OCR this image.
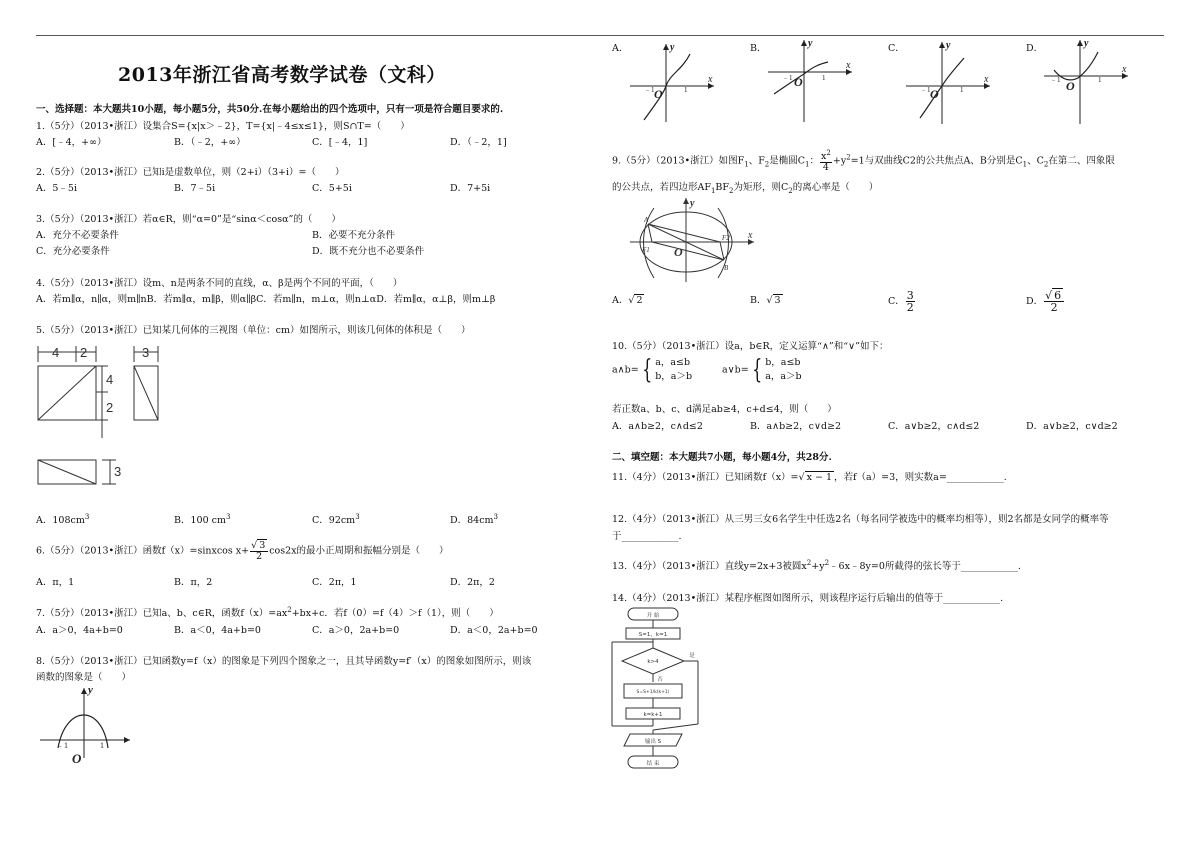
2013年浙江省高考数学试卷（文科）
一、选择题：本大题共10小题，每小题5分，共50分.在每小题给出的四个选项中，只有一项是符合题目要求的.
1.（5分）（2013•浙江）设集合S={x|x＞﹣2}，T={x|﹣4≤x≤1}，则S∩T=（　　）
A．[﹣4，+∞）	B．（﹣2，+∞）	C．[﹣4，1]	D．（﹣2，1]
2.（5分）（2013•浙江）已知i是虚数单位，则（2+i）（3+i）=（　　）
A．5﹣5i	B．7﹣5i	C．5+5i	D．7+5i
3.（5分）（2013•浙江）若α∈R，则“α=0”是“sinα＜cosα”的（　　）
A．充分不必要条件	B．必要不充分条件
C．充分必要条件	D．既不充分也不必要条件
4.（5分）（2013•浙江）设m、n是两条不同的直线，α、β是两个不同的平面，（　　）
A．若m∥α，n∥α，则m∥nB．若m∥α，m∥β，则α∥βC．若m∥n，m⊥α，则n⊥αD．若m∥α，α⊥β，则m⊥β
5.（5分）（2013•浙江）已知某几何体的三视图（单位：cm）如图所示，则该几何体的体积是（　　）
4 2	3
4
2
3
A．$108cm^3$	B．100 $cm^3$	C．$92cm^3$	D．$84cm^3$
6.（5分）（2013•浙江）函数f（x）=sinxcos $x+ \frac{√ 3}{2} \cos 2x$的最小正周期和振幅分别是（　　）
A．π，1	B．π，2	C．2π，1	D．2π，2
7.（5分）（2013•浙江）已知a、b、c∈R，函数$f(x)=ax^2+bx+c$．若f（0）=f（4）＞f（1），则（　　）
A．a＞0，4a+b=0	B．a＜0，4a+b=0	C．a＞0，2a+b=0	D．a＜0，2a+b=0
8.（5分）（2013•浙江）已知函数y=f（x）的图象是下列四个图象之一，且其导函数y=f′（x）的图象如图所示，则该
函数的图象是（　　）
y
O
﹣1	1
A．	B．	C．	D．
y
x
O
﹣1	1
y
x
O
﹣1	1
y
x
O
﹣1	1
y
x
O
﹣1	1
9.（5分）（2013•浙江）如图$F_1$、$F_2$是椭圆$C_1$： $\frac{x^2}{4} +y^2=1$与双曲线C2的公共焦点A、B分别是$C_1$、$C_2$在第二、四象限
的公共点，若四边形$AF_1BF_2$为矩形，则$C_2$的离心率是（　　）
y
x
O
A
B
F1
F2
A．√ 2	B．√ 3	C． $\frac{3}{2}$	D． $\frac{√ 6}{2}$
10.（5分）（2013•浙江）设a，b∈R，定义运算“∧”和“∨”如下：
a∧b= { a，a≤b
b，a＞b
a∨b= { b，a≤b
a，a＞b
若正数a、b、c、d满足ab≥4，c+d≤4，则（　　）
A．a∧b≥2，c∧d≤2	B．a∧b≥2，c∨d≥2	C．a∨b≥2，c∧d≤2	D．a∨b≥2，c∨d≥2
二、填空题：本大题共7小题，每小题4分，共28分.
11.（4分）（2013•浙江）已知函数f（x）=√ x − 1 ，若f（a）=3，则实数a=____________.
12.（4分）（2013•浙江）从三男三女6名学生中任选2名（每名同学被选中的概率均相等），则2名都是女同学的概率等
于____________.
13.（4分）（2013•浙江）直线y=2x+3被圆$x^2+y^2﹣6x﹣8y=0$所截得的弦长等于____________.
14.（4分）（2013•浙江）某程序框图如图所示，则该程序运行后输出的值等于____________.
开 始
S=1，k=1
k>4
是
否
S=S+1/k(k+1)
k=k+1
输出 S
结 束
